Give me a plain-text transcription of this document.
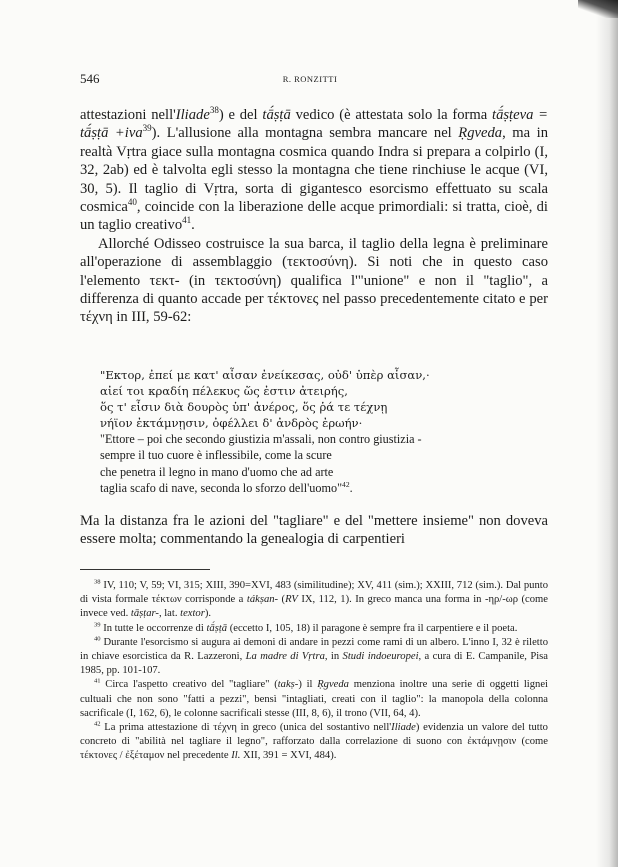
546	R. RONZITTI

attestazioni nell'Iliade$^{38}$) e del tā́ṣṭā vedico (è attestata solo la forma tā́ṣṭeva = tā́ṣṭā +iva$^{39}$). L'allusione alla montagna sembra mancare nel Ṛgveda, ma in realtà Vṛtra giace sulla montagna cosmica quando Indra si prepara a colpirlo (I, 32, 2ab) ed è talvolta egli stesso la montagna che tiene rinchiuse le acque (VI, 30, 5). Il taglio di Vṛtra, sorta di gigantesco esorcismo effettuato su scala cosmica$^{40}$, coincide con la liberazione delle acque primordiali: si tratta, cioè, di un taglio creativo$^{41}$.

Allorché Odisseo costruisce la sua barca, il taglio della legna è preliminare all'operazione di assemblaggio (τεκτοσύνη). Si noti che in questo caso l'elemento τεκτ- (in τεκτοσύνη) qualifica l'"unione" e non il "taglio", a differenza di quanto accade per τέκτονες nel passo precedentemente citato e per τέχνη in III, 59-62:

"Εκτορ, ἐπεί με κατ' αἶσαν ἐνείκεσας, οὐδ' ὑπὲρ αἶσαν,·
αἰεί τοι κραδίη πέλεκυς ὥς ἐστιν ἀτειρής,
ὅς τ' εἶσιν διὰ δουρὸς ὑπ' ἀνέρος, ὅς ῥά τε τέχνῃ
νήϊον ἐκτάμνῃσιν, ὀφέλλει δ' ἀνδρὸς ἐρωήν·
"Ettore – poi che secondo giustizia m'assali, non contro giustizia -
sempre il tuo cuore è inflessibile, come la scure
che penetra il legno in mano d'uomo che ad arte
taglia scafo di nave, seconda lo sforzo dell'uomo"$^{42}$.

Ma la distanza fra le azioni del "tagliare" e del "mettere insieme" non doveva essere molta; commentando la genealogia di carpentieri

$^{38}$ IV, 110; V, 59; VI, 315; XIII, 390=XVI, 483 (similitudine); XV, 411 (sim.); XXIII, 712 (sim.). Dal punto di vista formale τέκτων corrisponde a tákṣan- (RV IX, 112, 1). In greco manca una forma in -ηρ/-ωρ (come invece ved. tāṣṭar-, lat. textor).

$^{39}$ In tutte le occorrenze di tā́ṣṭā (eccetto I, 105, 18) il paragone è sempre fra il carpentiere e il poeta.

$^{40}$ Durante l'esorcismo si augura ai demoni di andare in pezzi come rami di un albero. L'inno I, 32 è riletto in chiave esorcistica da R. Lazzeroni, La madre di Vṛtra, in Studi indoeuropei, a cura di E. Campanile, Pisa 1985, pp. 101-107.

$^{41}$ Circa l'aspetto creativo del "tagliare" (takṣ-) il Ṛgveda menziona inoltre una serie di oggetti lignei cultuali che non sono "fatti a pezzi", bensì "intagliati, creati con il taglio": la manopola della colonna sacrificale (I, 162, 6), le colonne sacrificali stesse (III, 8, 6), il trono (VII, 64, 4).

$^{42}$ La prima attestazione di τέχνη in greco (unica del sostantivo nell'Iliade) evidenzia un valore del tutto concreto di "abilità nel tagliare il legno", rafforzato dalla correlazione di suono con ἐκτάμνῃσιν (come τέκτονες / ἐξέταμον nel precedente Il. XII, 391 = XVI, 484).
